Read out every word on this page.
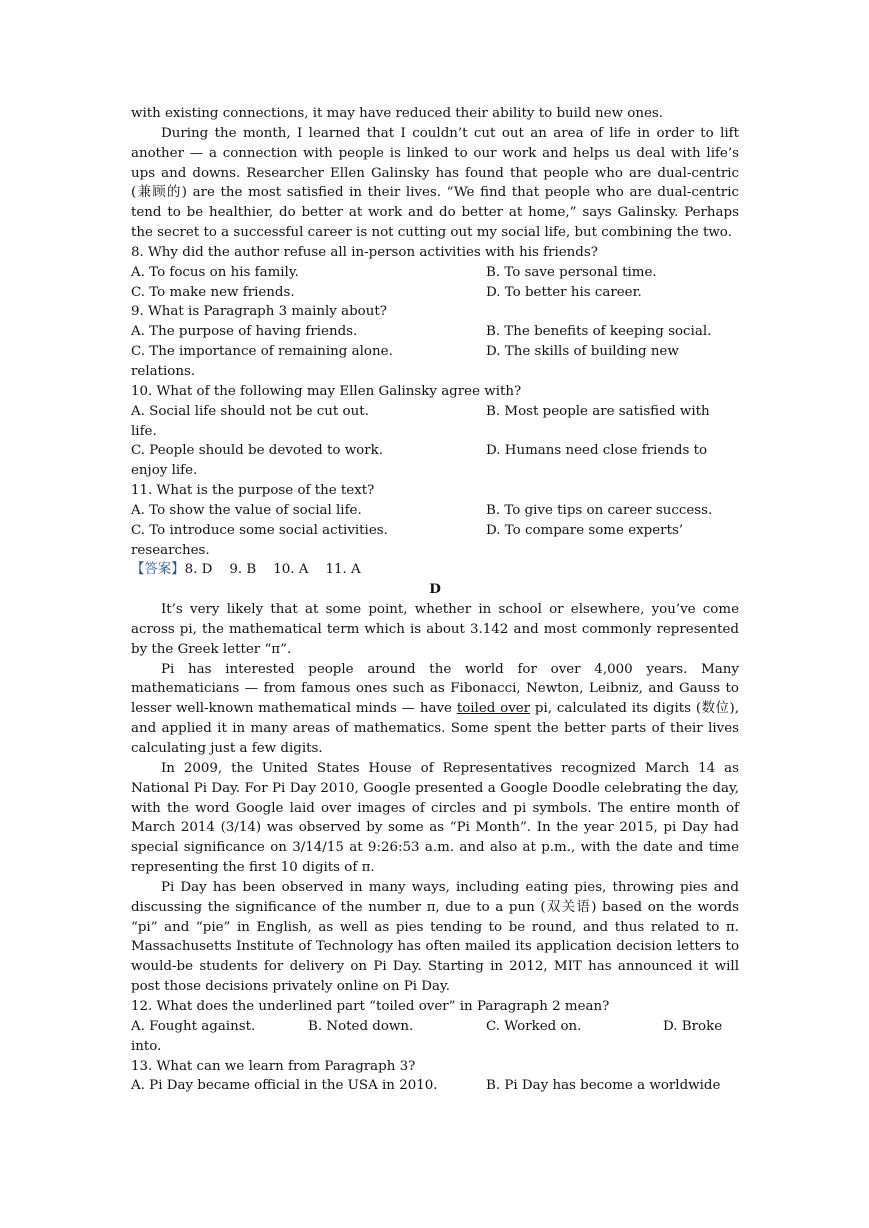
with existing connections, it may have reduced their ability to build new ones.

During the month, I learned that I couldn’t cut out an area of life in order to lift another — a connection with people is linked to our work and helps us deal with life’s ups and downs. Researcher Ellen Galinsky has found that people who are dual-centric (兼顾的) are the most satisfied in their lives. “We find that people who are dual-centric tend to be healthier, do better at work and do better at home,” says Galinsky. Perhaps the secret to a successful career is not cutting out my social life, but combining the two.

8. Why did the author refuse all in-person activities with his friends?

A. To focus on his family.	B. To save personal time.
C. To make new friends.	D. To better his career.

9. What is Paragraph 3 mainly about?

A. The purpose of having friends.	B. The benefits of keeping social.
C. The importance of remaining alone.	D. The skills of building new

relations.

10. What of the following may Ellen Galinsky agree with?

A. Social life should not be cut out.	B. Most people are satisfied with

life.

C. People should be devoted to work.	D. Humans need close friends to

enjoy life.

11. What is the purpose of the text?

A. To show the value of social life.	B. To give tips on career success.
C. To introduce some social activities.	D. To compare some experts’

researches.

【答案】8. D    9. B    10. A    11. A

D

It’s very likely that at some point, whether in school or elsewhere, you’ve come across pi, the mathematical term which is about 3.142 and most commonly represented by the Greek letter “π”.

Pi has interested people around the world for over 4,000 years. Many mathematicians — from famous ones such as Fibonacci, Newton, Leibniz, and Gauss to lesser well-known mathematical minds — have toiled over pi, calculated its digits (数位), and applied it in many areas of mathematics. Some spent the better parts of their lives calculating just a few digits.

In 2009, the United States House of Representatives recognized March 14 as National Pi Day. For Pi Day 2010, Google presented a Google Doodle celebrating the day, with the word Google laid over images of circles and pi symbols. The entire month of March 2014 (3/14) was observed by some as “Pi Month”. In the year 2015, pi Day had special significance on 3/14/15 at 9:26:53 a.m. and also at p.m., with the date and time representing the first 10 digits of π.

Pi Day has been observed in many ways, including eating pies, throwing pies and discussing the significance of the number π, due to a pun (双关语) based on the words “pi” and “pie” in English, as well as pies tending to be round, and thus related to π. Massachusetts Institute of Technology has often mailed its application decision letters to would-be students for delivery on Pi Day. Starting in 2012, MIT has announced it will post those decisions privately online on Pi Day.

12. What does the underlined part “toiled over” in Paragraph 2 mean?

A. Fought against.	B. Noted down.	C. Worked on.	D. Broke

into.

13. What can we learn from Paragraph 3?

A. Pi Day became official in the USA in 2010.	B. Pi Day has become a worldwide
